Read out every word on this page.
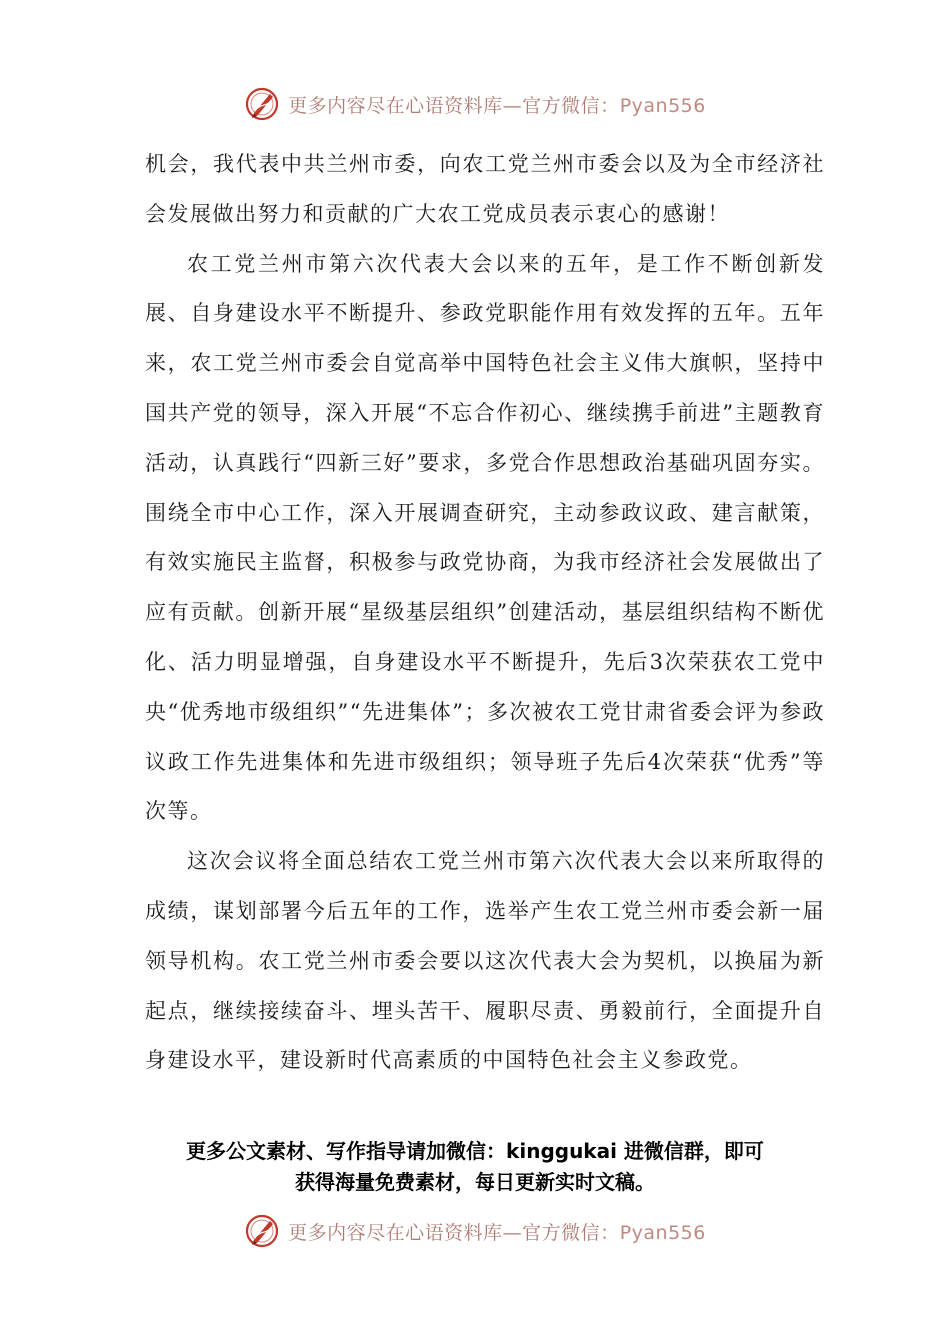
更多内容尽在心语资料库—官方微信：Pyan556

机会，我代表中共兰州市委，向农工党兰州市委会以及为全市经济社会发展做出努力和贡献的广大农工党成员表示衷心的感谢！

农工党兰州市第六次代表大会以来的五年，是工作不断创新发展、自身建设水平不断提升、参政党职能作用有效发挥的五年。五年来，农工党兰州市委会自觉高举中国特色社会主义伟大旗帜，坚持中国共产党的领导，深入开展“不忘合作初心、继续携手前进”主题教育活动，认真践行“四新三好”要求，多党合作思想政治基础巩固夯实。围绕全市中心工作，深入开展调查研究，主动参政议政、建言献策，有效实施民主监督，积极参与政党协商，为我市经济社会发展做出了应有贡献。创新开展“星级基层组织”创建活动，基层组织结构不断优化、活力明显增强，自身建设水平不断提升，先后3次荣获农工党中央“优秀地市级组织”“先进集体”；多次被农工党甘肃省委会评为参政议政工作先进集体和先进市级组织；领导班子先后4次荣获“优秀”等次等。

这次会议将全面总结农工党兰州市第六次代表大会以来所取得的成绩，谋划部署今后五年的工作，选举产生农工党兰州市委会新一届领导机构。农工党兰州市委会要以这次代表大会为契机，以换届为新起点，继续接续奋斗、埋头苦干、履职尽责、勇毅前行，全面提升自身建设水平，建设新时代高素质的中国特色社会主义参政党。

更多公文素材、写作指导请加微信：kinggukai 进微信群，即可
获得海量免费素材，每日更新实时文稿。
更多内容尽在心语资料库—官方微信：Pyan556
